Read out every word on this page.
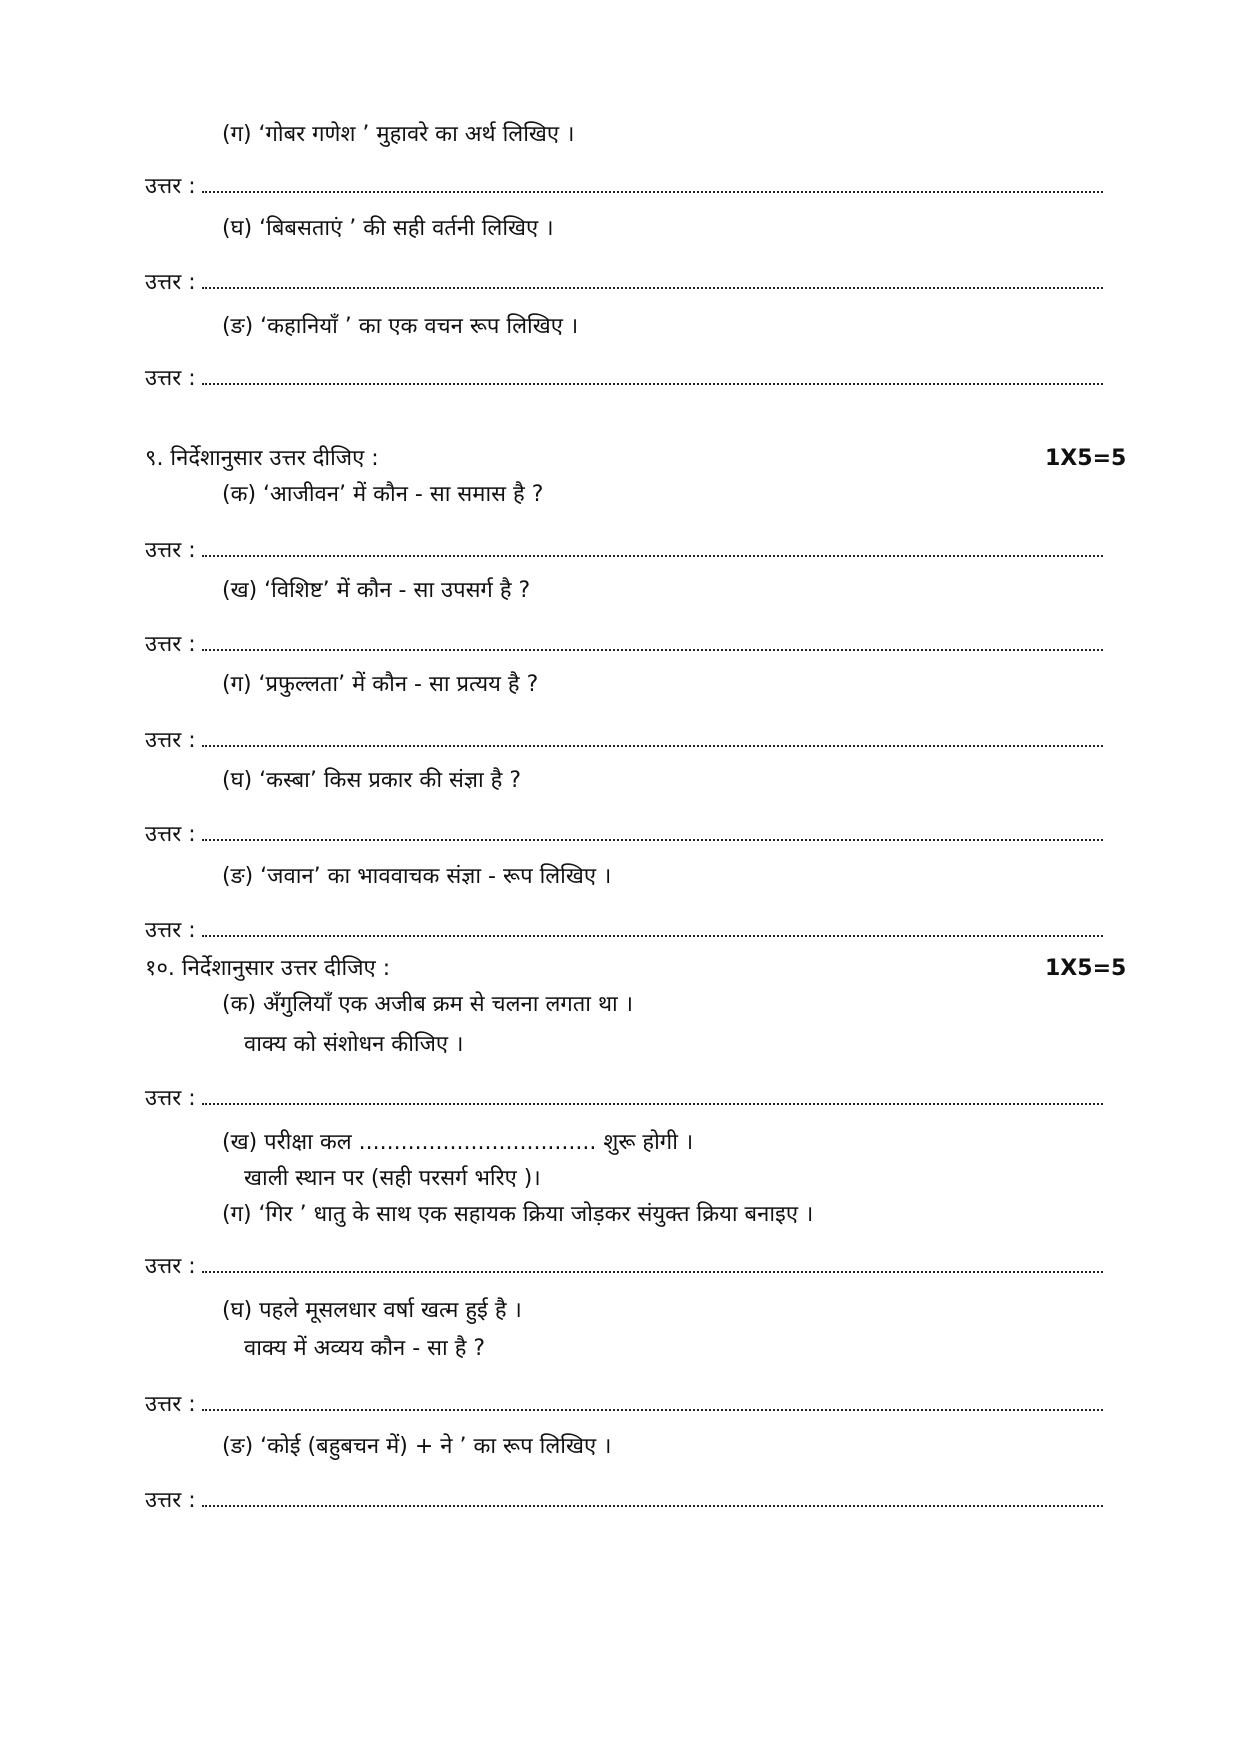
(ग) ‘गोबर गणेश ’ मुहावरे का अर्थ लिखिए ।
उत्तर :
(घ) ‘बिबसताएं ’ की सही वर्तनी लिखिए ।
उत्तर :
(ङ) ‘कहानियाँ ’ का एक वचन रूप लिखिए ।
उत्तर :
९. निर्देशानुसार उत्तर दीजिए :	1X5=5
(क) ‘आजीवन’ में कौन - सा समास है ?
उत्तर :
(ख) ‘विशिष्ट’ में कौन - सा उपसर्ग है ?
उत्तर :
(ग) ‘प्रफुल्लता’ में कौन - सा प्रत्यय है ?
उत्तर :
(घ) ‘कस्बा’ किस प्रकार की संज्ञा है ?
उत्तर :
(ङ) ‘जवान’ का भाववाचक संज्ञा - रूप लिखिए ।
उत्तर :
१०. निर्देशानुसार उत्तर दीजिए :	1X5=5
(क) अँगुलियाँ एक अजीब क्रम से चलना लगता था ।
वाक्य को संशोधन कीजिए ।
उत्तर :
(ख) परीक्षा कल .................................. शुरू होगी ।
खाली स्थान पर (सही परसर्ग भरिए )।
(ग) ‘गिर ’ धातु के साथ एक सहायक क्रिया जोड़कर संयुक्त क्रिया बनाइए ।
उत्तर :
(घ) पहले मूसलधार वर्षा खत्म हुई है ।
वाक्य में अव्यय कौन - सा है ?
उत्तर :
(ङ) ‘कोई (बहुबचन में) + ने ’ का रूप लिखिए ।
उत्तर :
